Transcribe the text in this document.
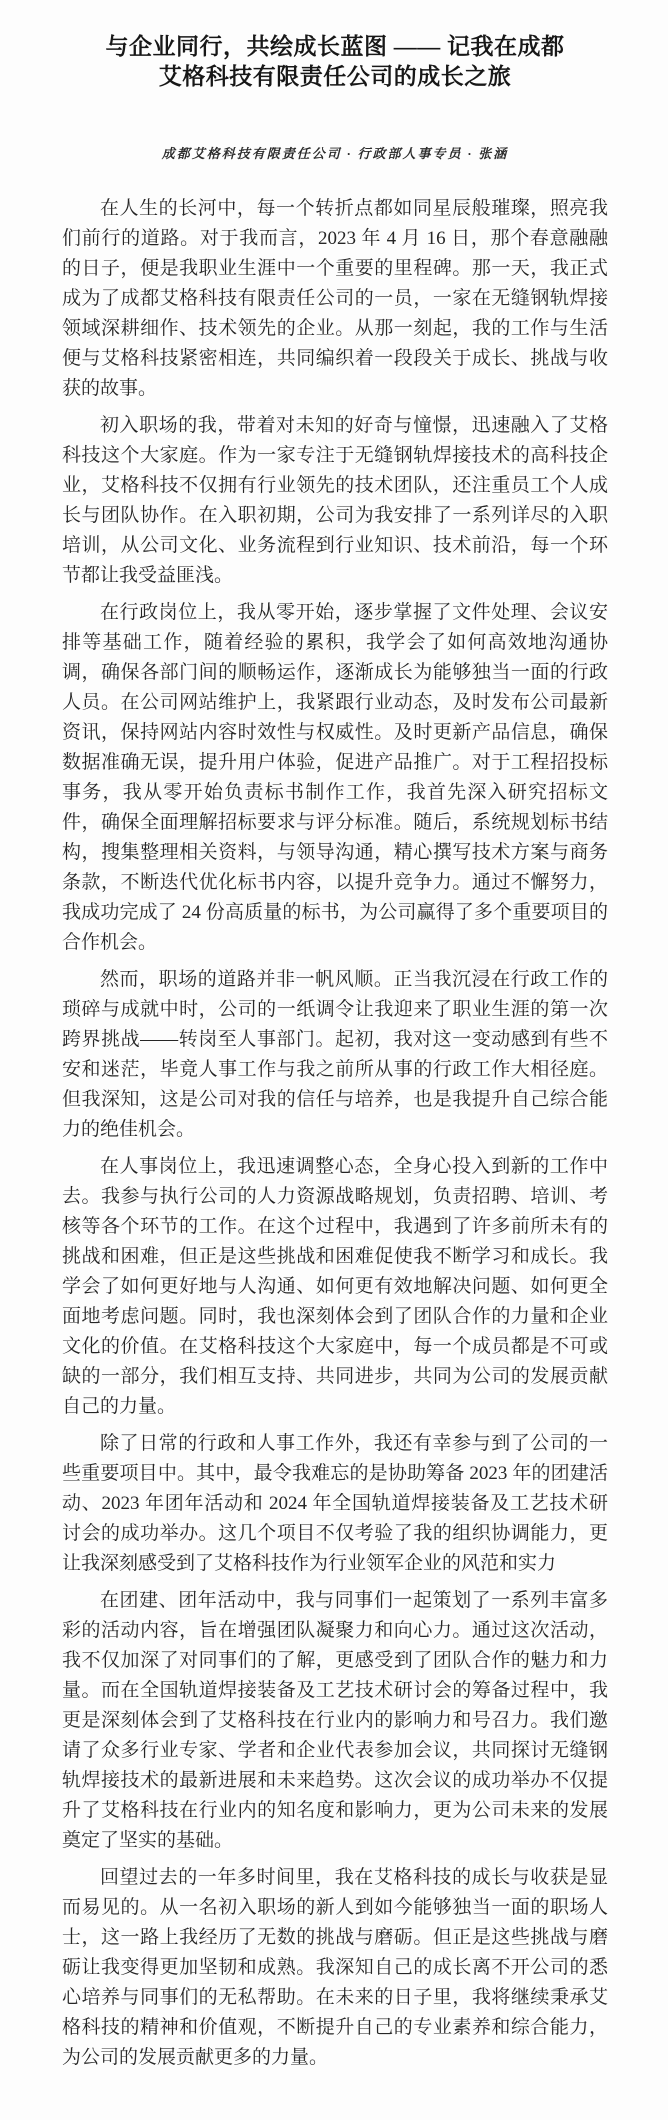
与企业同行，共绘成长蓝图 —— 记我在成都
艾格科技有限责任公司的成长之旅
成都艾格科技有限责任公司 · 行政部人事专员 · 张涵

在人生的长河中，每一个转折点都如同星辰般璀璨，照亮我们前行的道路。对于我而言，2023 年 4 月 16 日，那个春意融融的日子，便是我职业生涯中一个重要的里程碑。那一天，我正式成为了成都艾格科技有限责任公司的一员，一家在无缝钢轨焊接领域深耕细作、技术领先的企业。从那一刻起，我的工作与生活便与艾格科技紧密相连，共同编织着一段段关于成长、挑战与收获的故事。

初入职场的我，带着对未知的好奇与憧憬，迅速融入了艾格科技这个大家庭。作为一家专注于无缝钢轨焊接技术的高科技企业，艾格科技不仅拥有行业领先的技术团队，还注重员工个人成长与团队协作。在入职初期，公司为我安排了一系列详尽的入职培训，从公司文化、业务流程到行业知识、技术前沿，每一个环节都让我受益匪浅。

在行政岗位上，我从零开始，逐步掌握了文件处理、会议安排等基础工作，随着经验的累积，我学会了如何高效地沟通协调，确保各部门间的顺畅运作，逐渐成长为能够独当一面的行政人员。在公司网站维护上，我紧跟行业动态，及时发布公司最新资讯，保持网站内容时效性与权威性。及时更新产品信息，确保数据准确无误，提升用户体验，促进产品推广。对于工程招投标事务，我从零开始负责标书制作工作，我首先深入研究招标文件，确保全面理解招标要求与评分标准。随后，系统规划标书结构，搜集整理相关资料，与领导沟通，精心撰写技术方案与商务条款，不断迭代优化标书内容，以提升竞争力。通过不懈努力，我成功完成了 24 份高质量的标书，为公司赢得了多个重要项目的合作机会。

然而，职场的道路并非一帆风顺。正当我沉浸在行政工作的琐碎与成就中时，公司的一纸调令让我迎来了职业生涯的第一次跨界挑战——转岗至人事部门。起初，我对这一变动感到有些不安和迷茫，毕竟人事工作与我之前所从事的行政工作大相径庭。但我深知，这是公司对我的信任与培养，也是我提升自己综合能力的绝佳机会。

在人事岗位上，我迅速调整心态，全身心投入到新的工作中去。我参与执行公司的人力资源战略规划，负责招聘、培训、考核等各个环节的工作。在这个过程中，我遇到了许多前所未有的挑战和困难，但正是这些挑战和困难促使我不断学习和成长。我学会了如何更好地与人沟通、如何更有效地解决问题、如何更全面地考虑问题。同时，我也深刻体会到了团队合作的力量和企业文化的价值。在艾格科技这个大家庭中，每一个成员都是不可或缺的一部分，我们相互支持、共同进步，共同为公司的发展贡献自己的力量。

除了日常的行政和人事工作外，我还有幸参与到了公司的一些重要项目中。其中，最令我难忘的是协助筹备 2023 年的团建活动、2023 年团年活动和 2024 年全国轨道焊接装备及工艺技术研讨会的成功举办。这几个项目不仅考验了我的组织协调能力，更让我深刻感受到了艾格科技作为行业领军企业的风范和实力

在团建、团年活动中，我与同事们一起策划了一系列丰富多彩的活动内容，旨在增强团队凝聚力和向心力。通过这次活动，我不仅加深了对同事们的了解，更感受到了团队合作的魅力和力量。而在全国轨道焊接装备及工艺技术研讨会的筹备过程中，我更是深刻体会到了艾格科技在行业内的影响力和号召力。我们邀请了众多行业专家、学者和企业代表参加会议，共同探讨无缝钢轨焊接技术的最新进展和未来趋势。这次会议的成功举办不仅提升了艾格科技在行业内的知名度和影响力，更为公司未来的发展奠定了坚实的基础。

回望过去的一年多时间里，我在艾格科技的成长与收获是显而易见的。从一名初入职场的新人到如今能够独当一面的职场人士，这一路上我经历了无数的挑战与磨砺。但正是这些挑战与磨砺让我变得更加坚韧和成熟。我深知自己的成长离不开公司的悉心培养与同事们的无私帮助。在未来的日子里，我将继续秉承艾格科技的精神和价值观，不断提升自己的专业素养和综合能力，为公司的发展贡献更多的力量。
